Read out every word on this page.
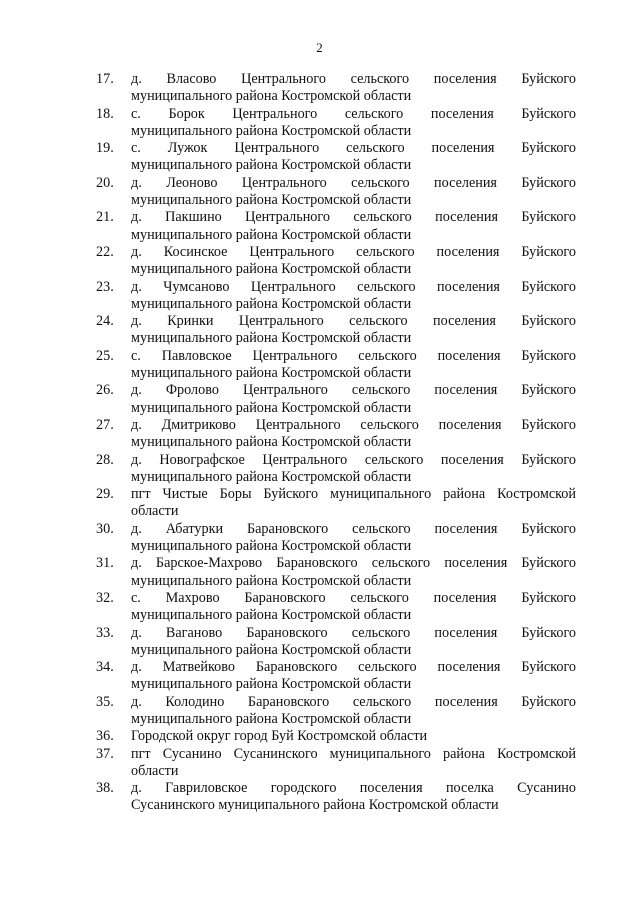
2
17.	д. Власово Центрального сельского поселения Буйского
муниципального района Костромской области
18.	с. Борок Центрального сельского поселения Буйского
муниципального района Костромской области
19.	с. Лужок Центрального сельского поселения Буйского
муниципального района Костромской области
20.	д. Леоново Центрального сельского поселения Буйского
муниципального района Костромской области
21.	д. Пакшино Центрального сельского поселения Буйского
муниципального района Костромской области
22.	д. Косинское Центрального сельского поселения Буйского
муниципального района Костромской области
23.	д. Чумсаново Центрального сельского поселения Буйского
муниципального района Костромской области
24.	д. Кринки Центрального сельского поселения Буйского
муниципального района Костромской области
25.	с. Павловское Центрального сельского поселения Буйского
муниципального района Костромской области
26.	д. Фролово Центрального сельского поселения Буйского
муниципального района Костромской области
27.	д. Дмитриково Центрального сельского поселения Буйского
муниципального района Костромской области
28.	д. Новографское Центрального сельского поселения Буйского
муниципального района Костромской области
29.	пгт Чистые Боры Буйского муниципального района Костромской
области
30.	д. Абатурки Барановского сельского поселения Буйского
муниципального района Костромской области
31.	д. Барское-Махрово Барановского сельского поселения Буйского
муниципального района Костромской области
32.	с. Махрово Барановского сельского поселения Буйского
муниципального района Костромской области
33.	д. Ваганово Барановского сельского поселения Буйского
муниципального района Костромской области
34.	д. Матвейково Барановского сельского поселения Буйского
муниципального района Костромской области
35.	д. Колодино Барановского сельского поселения Буйского
муниципального района Костромской области
36.	Городской округ город Буй Костромской области
37.	пгт Сусанино Сусанинского муниципального района Костромской
области
38.	д. Гавриловское городского поселения поселка Сусанино
Сусанинского муниципального района Костромской области
